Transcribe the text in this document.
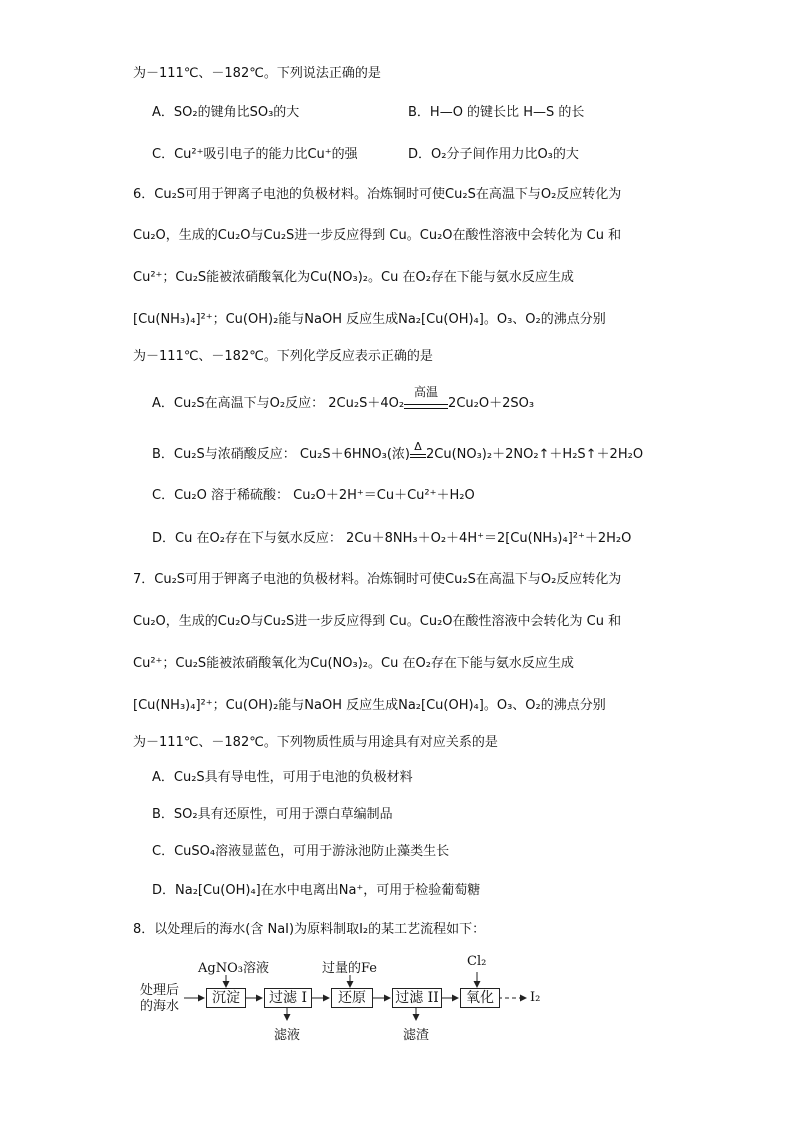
为－111℃、－182℃。下列说法正确的是
A．SO₂的键角比SO₃的大	B．H—O 的键长比 H—S 的长
C．Cu²⁺吸引电子的能力比Cu⁺的强	D．O₂分子间作用力比O₃的大
6．Cu₂S可用于钾离子电池的负极材料。冶炼铜时可使Cu₂S在高温下与O₂反应转化为
Cu₂O，生成的Cu₂O与Cu₂S进一步反应得到 Cu。Cu₂O在酸性溶液中会转化为 Cu 和
Cu²⁺；Cu₂S能被浓硝酸氧化为Cu(NO₃)₂。Cu 在O₂存在下能与氨水反应生成
[Cu(NH₃)₄]²⁺；Cu(OH)₂能与NaOH 反应生成Na₂[Cu(OH)₄]。O₃、O₂的沸点分别
为－111℃、－182℃。下列化学反应表示正确的是
A．Cu₂S在高温下与O₂反应： 2Cu₂S＋4O₂
高温
2Cu₂O＋2SO₃
B．Cu₂S与浓硝酸反应： Cu₂S＋6HNO₃(浓)
Δ
2Cu(NO₃)₂＋2NO₂↑＋H₂S↑＋2H₂O
C．Cu₂O 溶于稀硫酸： Cu₂O＋2H⁺＝Cu＋Cu²⁺＋H₂O
D．Cu 在O₂存在下与氨水反应： 2Cu＋8NH₃＋O₂＋4H⁺＝2[Cu(NH₃)₄]²⁺＋2H₂O
7．Cu₂S可用于钾离子电池的负极材料。冶炼铜时可使Cu₂S在高温下与O₂反应转化为
Cu₂O，生成的Cu₂O与Cu₂S进一步反应得到 Cu。Cu₂O在酸性溶液中会转化为 Cu 和
Cu²⁺；Cu₂S能被浓硝酸氧化为Cu(NO₃)₂。Cu 在O₂存在下能与氨水反应生成
[Cu(NH₃)₄]²⁺；Cu(OH)₂能与NaOH 反应生成Na₂[Cu(OH)₄]。O₃、O₂的沸点分别
为－111℃、－182℃。下列物质性质与用途具有对应关系的是
A．Cu₂S具有导电性，可用于电池的负极材料
B．SO₂具有还原性，可用于漂白草编制品
C．CuSO₄溶液显蓝色，可用于游泳池防止藻类生长
D．Na₂[Cu(OH)₄]在水中电离出Na⁺，可用于检验葡萄糖
8．以处理后的海水(含 NaI)为原料制取I₂的某工艺流程如下：
处理后
的海水
沉淀	过滤 I	还原	过滤 II	氧化
AgNO₃溶液	过量的Fe	Cl₂
滤液	滤渣
I₂
